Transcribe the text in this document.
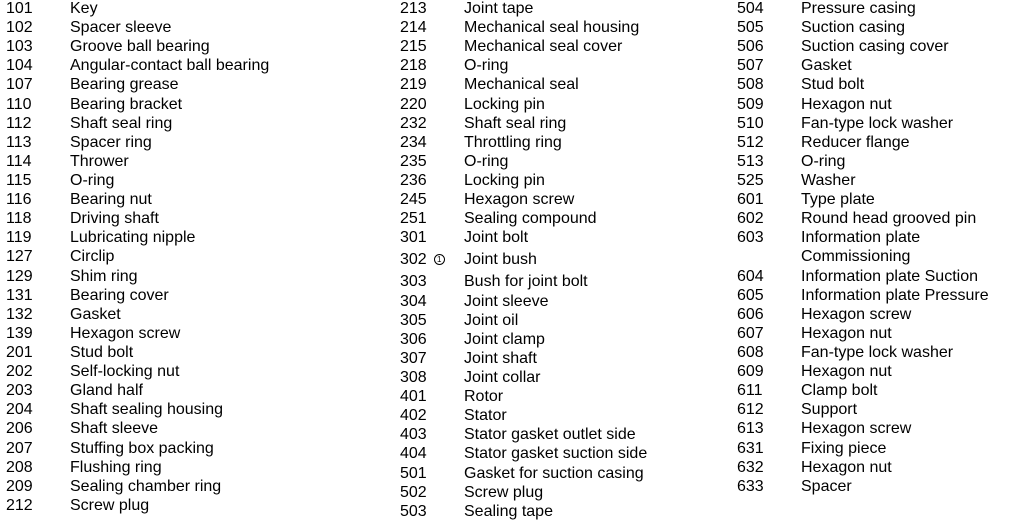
101 Key
102 Spacer sleeve
103 Groove ball bearing
104 Angular-contact ball bearing
107 Bearing grease
110 Bearing bracket
112 Shaft seal ring
113 Spacer ring
114 Thrower
115 O-ring
116 Bearing nut
118 Driving shaft
119 Lubricating nipple
127 Circlip
129 Shim ring
131 Bearing cover
132 Gasket
139 Hexagon screw
201 Stud bolt
202 Self-locking nut
203 Gland half
204 Shaft sealing housing
206 Shaft sleeve
207 Stuffing box packing
208 Flushing ring
209 Sealing chamber ring
212 Screw plug
213 Joint tape
214 Mechanical seal housing
215 Mechanical seal cover
218 O-ring
219 Mechanical seal
220 Locking pin
232 Shaft seal ring
234 Throttling ring
235 O-ring
236 Locking pin
245 Hexagon screw
251 Sealing compound
301 Joint bolt
302	1 Joint bush
303 Bush for joint bolt
304 Joint sleeve
305 Joint oil
306 Joint clamp
307 Joint shaft
308 Joint collar
401 Rotor
402 Stator
403 Stator gasket outlet side
404 Stator gasket suction side
501 Gasket for suction casing
502 Screw plug
503 Sealing tape
504 Pressure casing
505 Suction casing
506 Suction casing cover
507 Gasket
508 Stud bolt
509 Hexagon nut
510 Fan-type lock washer
512 Reducer flange
513 O-ring
525 Washer
601 Type plate
602 Round head grooved pin
603 Information plate
Commissioning
604 Information plate Suction
605 Information plate Pressure
606 Hexagon screw
607 Hexagon nut
608 Fan-type lock washer
609 Hexagon nut
611 Clamp bolt
612 Support
613 Hexagon screw
631 Fixing piece
632 Hexagon nut
633 Spacer
